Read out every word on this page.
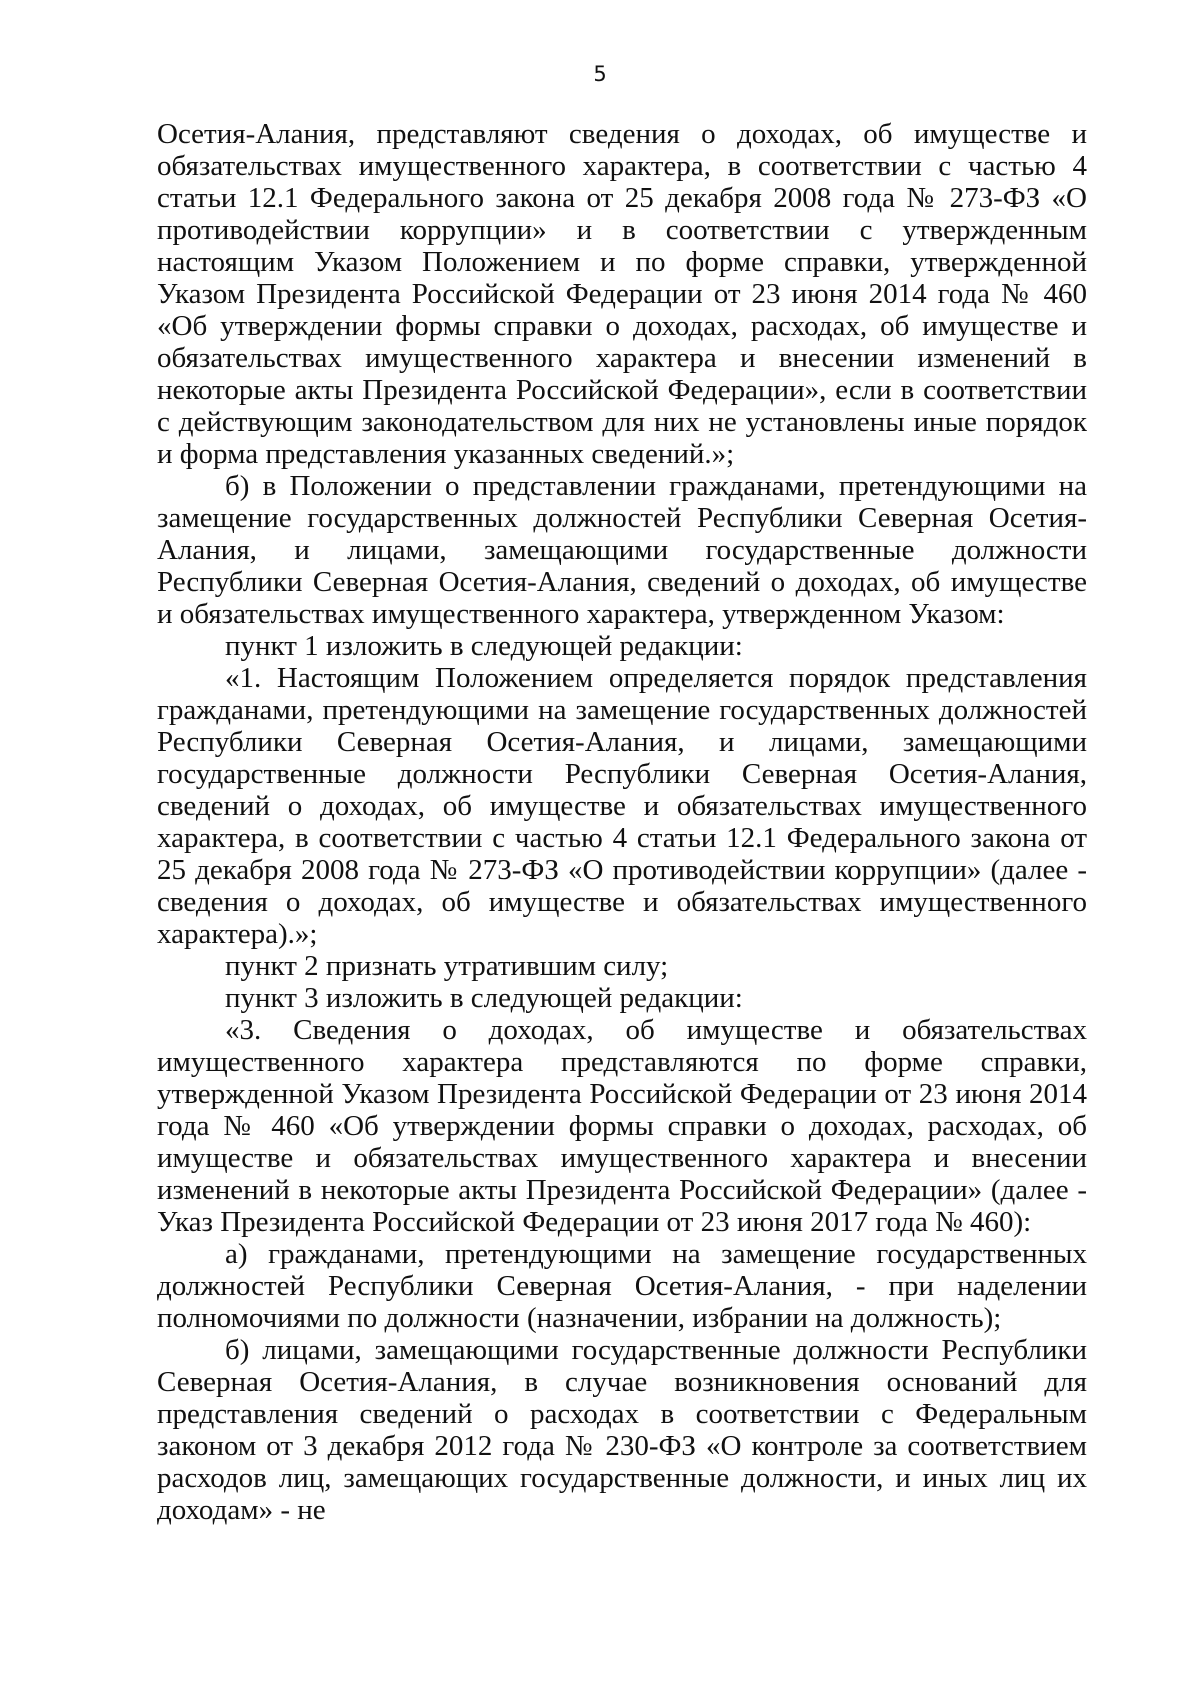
5

Осетия-Алания, представляют сведения о доходах, об имуществе и обязательствах имущественного характера, в соответствии с частью 4 статьи 12.1 Федерального закона от 25 декабря 2008 года № 273-ФЗ «О противодействии коррупции» и в соответствии с утвержденным настоящим Указом Положением и по форме справки, утвержденной Указом Президента Российской Федерации от 23 июня 2014 года № 460 «Об утверждении формы справки о доходах, расходах, об имуществе и обязательствах имущественного характера и внесении изменений в некоторые акты Президента Российской Федерации», если в соответствии с действующим законодательством для них не установлены иные порядок и форма представления указанных сведений.»;

б) в Положении о представлении гражданами, претендующими на замещение государственных должностей Республики Северная Осетия-Алания, и лицами, замещающими государственные должности Республики Северная Осетия-Алания, сведений о доходах, об имуществе и обязательствах имущественного характера, утвержденном Указом:

пункт 1 изложить в следующей редакции:

«1. Настоящим Положением определяется порядок представления гражданами, претендующими на замещение государственных должностей Республики Северная Осетия-Алания, и лицами, замещающими государственные должности Республики Северная Осетия-Алания, сведений о доходах, об имуществе и обязательствах имущественного характера, в соответствии с частью 4 статьи 12.1 Федерального закона от 25 декабря 2008 года № 273-ФЗ «О противодействии коррупции» (далее - сведения о доходах, об имуществе и обязательствах имущественного характера).»;

пункт 2 признать утратившим силу;

пункт 3 изложить в следующей редакции:

«3. Сведения о доходах, об имуществе и обязательствах имущественного характера представляются по форме справки, утвержденной Указом Президента Российской Федерации от 23 июня 2014 года № 460 «Об утверждении формы справки о доходах, расходах, об имуществе и обязательствах имущественного характера и внесении изменений в некоторые акты Президента Российской Федерации» (далее - Указ Президента Российской Федерации от 23 июня 2017 года № 460):

а) гражданами, претендующими на замещение государственных должностей Республики Северная Осетия-Алания, - при наделении полномочиями по должности (назначении, избрании на должность);

б) лицами, замещающими государственные должности Республики Северная Осетия-Алания, в случае возникновения оснований для представления сведений о расходах в соответствии с Федеральным законом от 3 декабря 2012 года № 230-ФЗ «О контроле за соответствием расходов лиц, замещающих государственные должности, и иных лиц их доходам» - не
